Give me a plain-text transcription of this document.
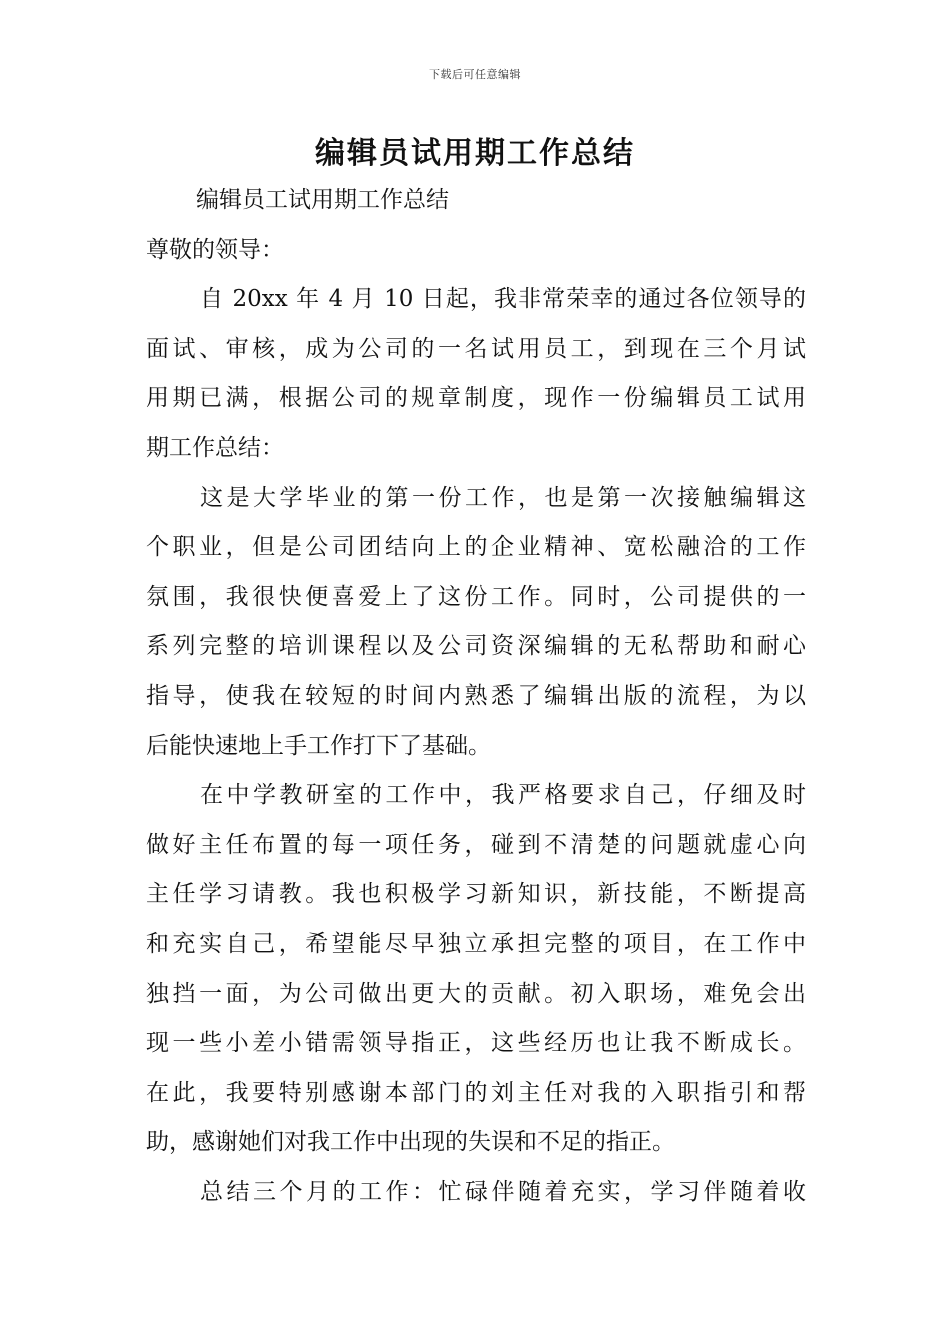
下载后可任意编辑
编辑员试用期工作总结
编辑员工试用期工作总结
尊敬的领导：
自 20xx 年 4 月 10 日起，我非常荣幸的通过各位领导的
面试、审核，成为公司的一名试用员工，到现在三个月试
用期已满，根据公司的规章制度，现作一份编辑员工试用
期工作总结：
这是大学毕业的第一份工作，也是第一次接触编辑这
个职业，但是公司团结向上的企业精神、宽松融洽的工作
氛围，我很快便喜爱上了这份工作。同时，公司提供的一
系列完整的培训课程以及公司资深编辑的无私帮助和耐心
指导，使我在较短的时间内熟悉了编辑出版的流程，为以
后能快速地上手工作打下了基础。
在中学教研室的工作中，我严格要求自己，仔细及时
做好主任布置的每一项任务，碰到不清楚的问题就虚心向
主任学习请教。我也积极学习新知识，新技能，不断提高
和充实自己，希望能尽早独立承担完整的项目，在工作中
独挡一面，为公司做出更大的贡献。初入职场，难免会出
现一些小差小错需领导指正，这些经历也让我不断成长。
在此，我要特别感谢本部门的刘主任对我的入职指引和帮
助，感谢她们对我工作中出现的失误和不足的指正。
总结三个月的工作：忙碌伴随着充实，学习伴随着收
